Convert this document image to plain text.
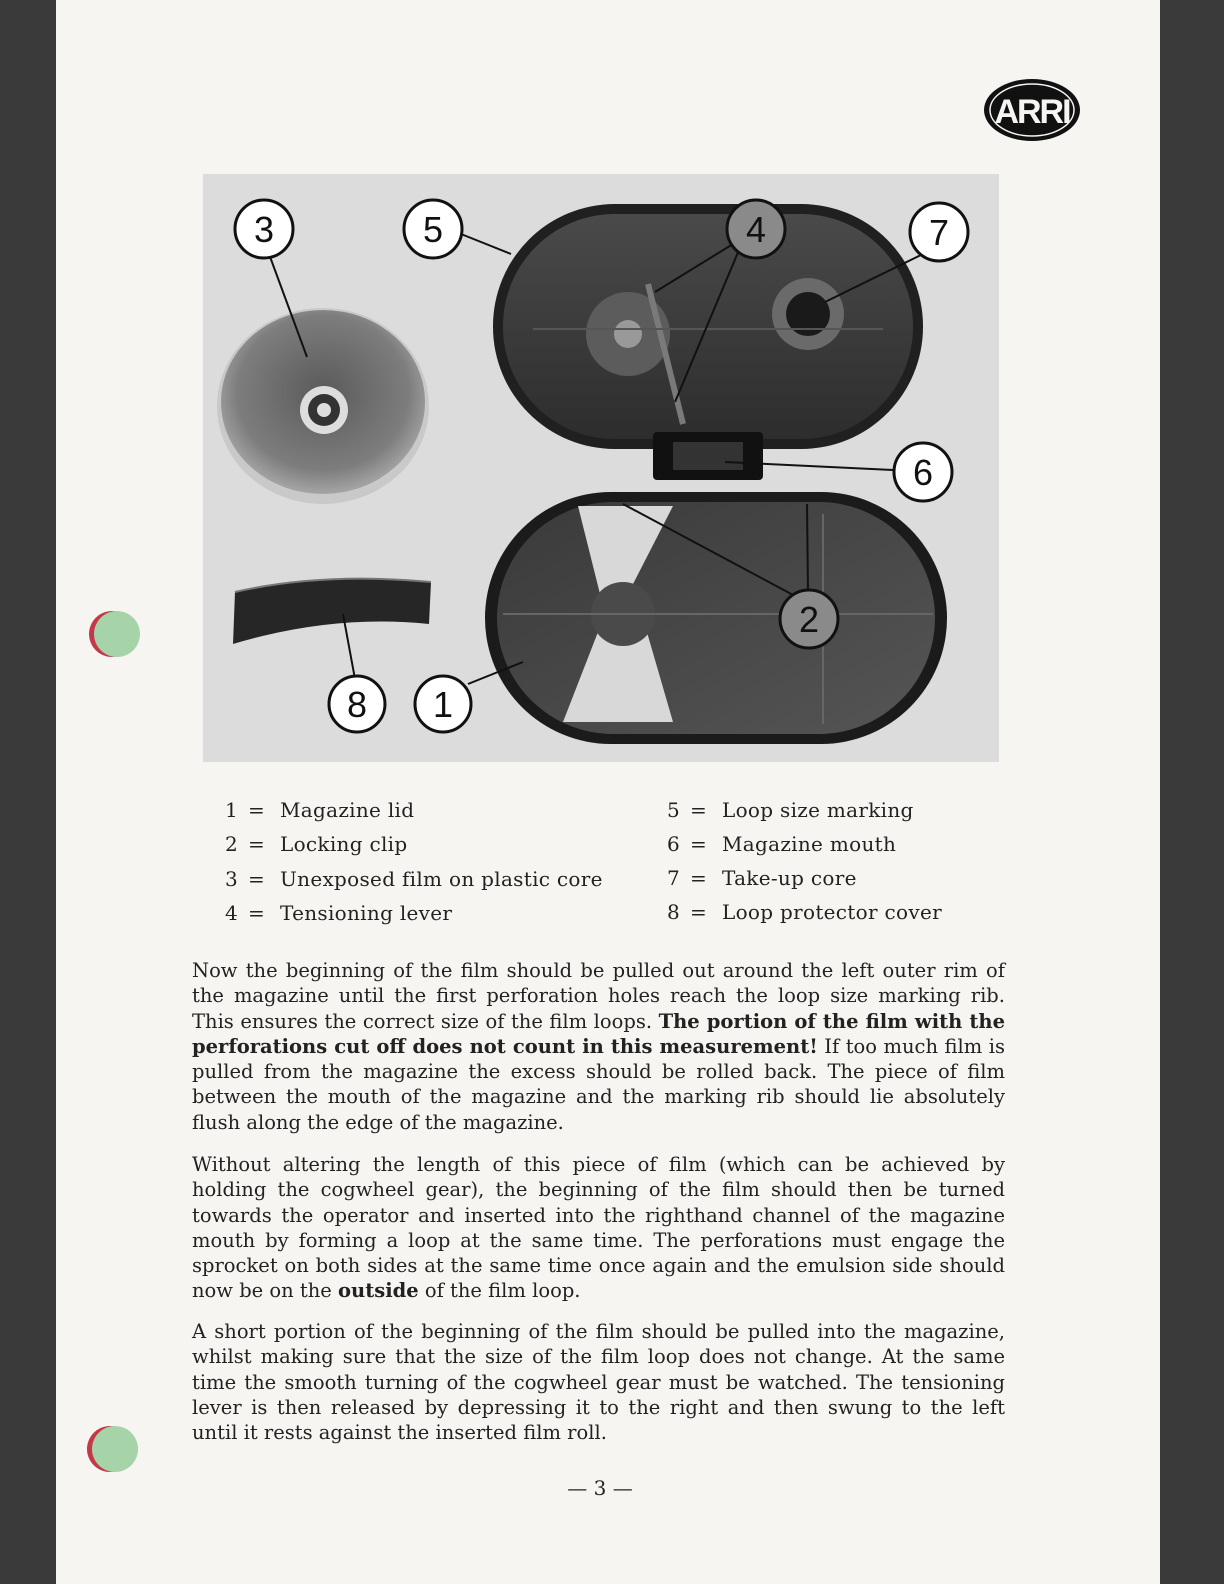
ARRI
3	5	4	7
6
2
8 1
1 = Magazine lid
2 = Locking clip
3 = Unexposed film on plastic core
4 = Tensioning lever
5 = Loop size marking
6 = Magazine mouth
7 = Take-up core
8 = Loop protector cover

Now the beginning of the film should be pulled out around the left outer rim of the magazine until the first perforation holes reach the loop size marking rib. This ensures the correct size of the film loops. The portion of the film with the perforations cut off does not count in this measurement! If too much film is pulled from the magazine the excess should be rolled back. The piece of film between the mouth of the magazine and the marking rib should lie absolutely flush along the edge of the magazine.

Without altering the length of this piece of film (which can be achieved by holding the cogwheel gear), the beginning of the film should then be turned towards the operator and inserted into the righthand channel of the magazine mouth by forming a loop at the same time. The perforations must engage the sprocket on both sides at the same time once again and the emulsion side should now be on the outside of the film loop.

A short portion of the beginning of the film should be pulled into the magazine, whilst making sure that the size of the film loop does not change. At the same time the smooth turning of the cogwheel gear must be watched. The tensioning lever is then released by depressing it to the right and then swung to the left until it rests against the inserted film roll.

— 3 —
